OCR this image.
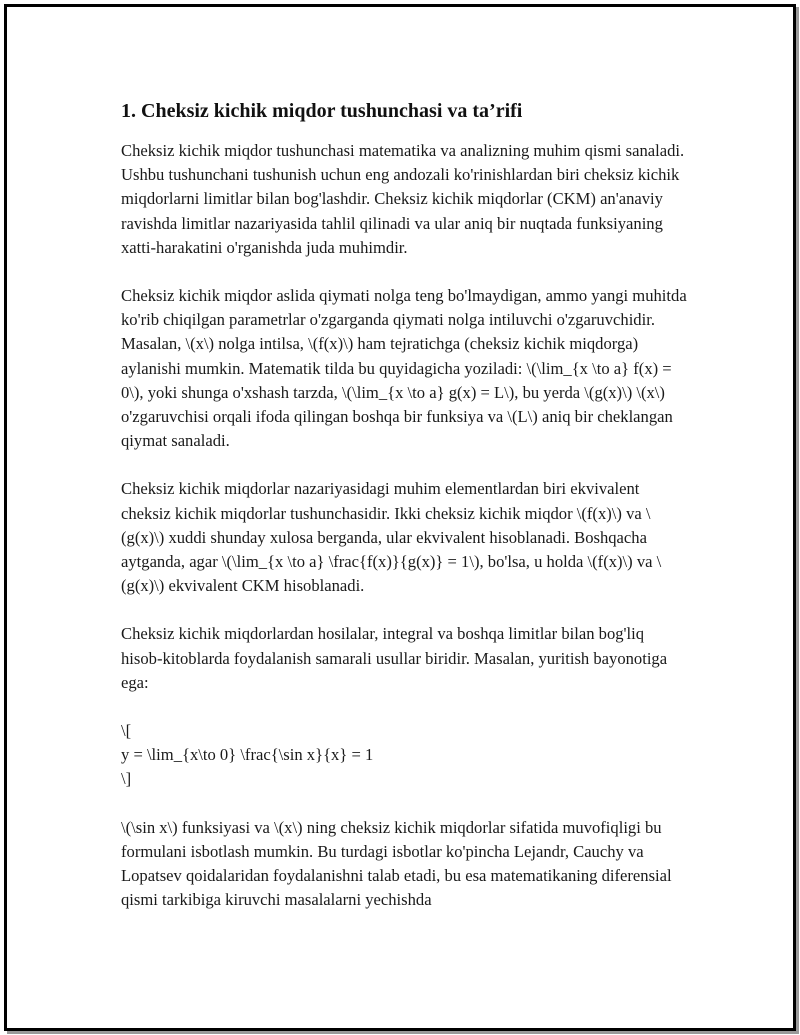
1. Cheksiz kichik miqdor tushunchasi va ta’rifi

Cheksiz kichik miqdor tushunchasi matematika va analizning muhim qismi sanaladi. Ushbu tushunchani tushunish uchun eng andozali ko'rinishlardan biri cheksiz kichik miqdorlarni limitlar bilan bog'lashdir. Cheksiz kichik miqdorlar (CKM) an'anaviy ravishda limitlar nazariyasida tahlil qilinadi va ular aniq bir nuqtada funksiyaning xatti-harakatini o'rganishda juda muhimdir.

Cheksiz kichik miqdor aslida qiymati nolga teng bo'lmaydigan, ammo yangi muhitda ko'rib chiqilgan parametrlar o'zgarganda qiymati nolga intiluvchi o'zgaruvchidir. Masalan, \(x\) nolga intilsa, \(f(x)\) ham tejratichga (cheksiz kichik miqdorga) aylanishi mumkin. Matematik tilda bu quyidagicha yoziladi: \(\lim_{x \to a} f(x) = 0\), yoki shunga o'xshash tarzda, \(\lim_{x \to a} g(x) = L\), bu yerda \(g(x)\) \(x\) o'zgaruvchisi orqali ifoda qilingan boshqa bir funksiya va \(L\) aniq bir cheklangan qiymat sanaladi.

Cheksiz kichik miqdorlar nazariyasidagi muhim elementlardan biri ekvivalent cheksiz kichik miqdorlar tushunchasidir. Ikki cheksiz kichik miqdor \(f(x)\) va \(g(x)\) xuddi shunday xulosa berganda, ular ekvivalent hisoblanadi. Boshqacha aytganda, agar \(\lim_{x \to a} \frac{f(x)}{g(x)} = 1\), bo'lsa, u holda \(f(x)\) va \(g(x)\) ekvivalent CKM hisoblanadi.

Cheksiz kichik miqdorlardan hosilalar, integral va boshqa limitlar bilan bog'liq hisob-kitoblarda foydalanish samarali usullar biridir. Masalan, yuritish bayonotiga ega:

\[
y = \lim_{x\to 0} \frac{\sin x}{x} = 1
\]

\(\sin x\) funksiyasi va \(x\) ning cheksiz kichik miqdorlar sifatida muvofiqligi bu formulani isbotlash mumkin. Bu turdagi isbotlar ko'pincha Lejandr, Cauchy va Lopatsev qoidalaridan foydalanishni talab etadi, bu esa matematikaning diferensial qismi tarkibiga kiruvchi masalalarni yechishda
